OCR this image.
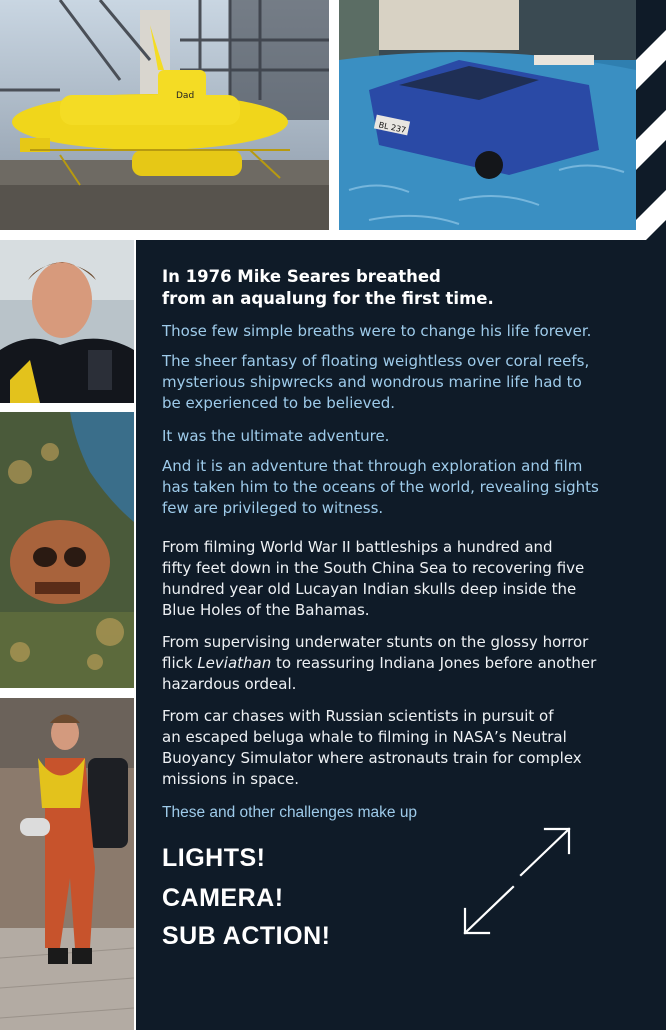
Dad
BL 237

In 1976 Mike Seares breathed
from an aqualung for the first time.

Those few simple breaths were to change his life forever.

The sheer fantasy of floating weightless over coral reefs,
mysterious shipwrecks and wondrous marine life had to
be experienced to be believed.

It was the ultimate adventure.

And it is an adventure that through exploration and film
has taken him to the oceans of the world, revealing sights
few are privileged to witness.

From filming World War II battleships a hundred and
fifty feet down in the South China Sea to recovering five
hundred year old Lucayan Indian skulls deep inside the
Blue Holes of the Bahamas.

From supervising underwater stunts on the glossy horror
flick Leviathan to reassuring Indiana Jones before another
hazardous ordeal.

From car chases with Russian scientists in pursuit of
an escaped beluga whale to filming in NASA’s Neutral
Buoyancy Simulator where astronauts train for complex
missions in space.

These and other challenges make up

LIGHTS!
CAMERA!
SUB ACTION!
